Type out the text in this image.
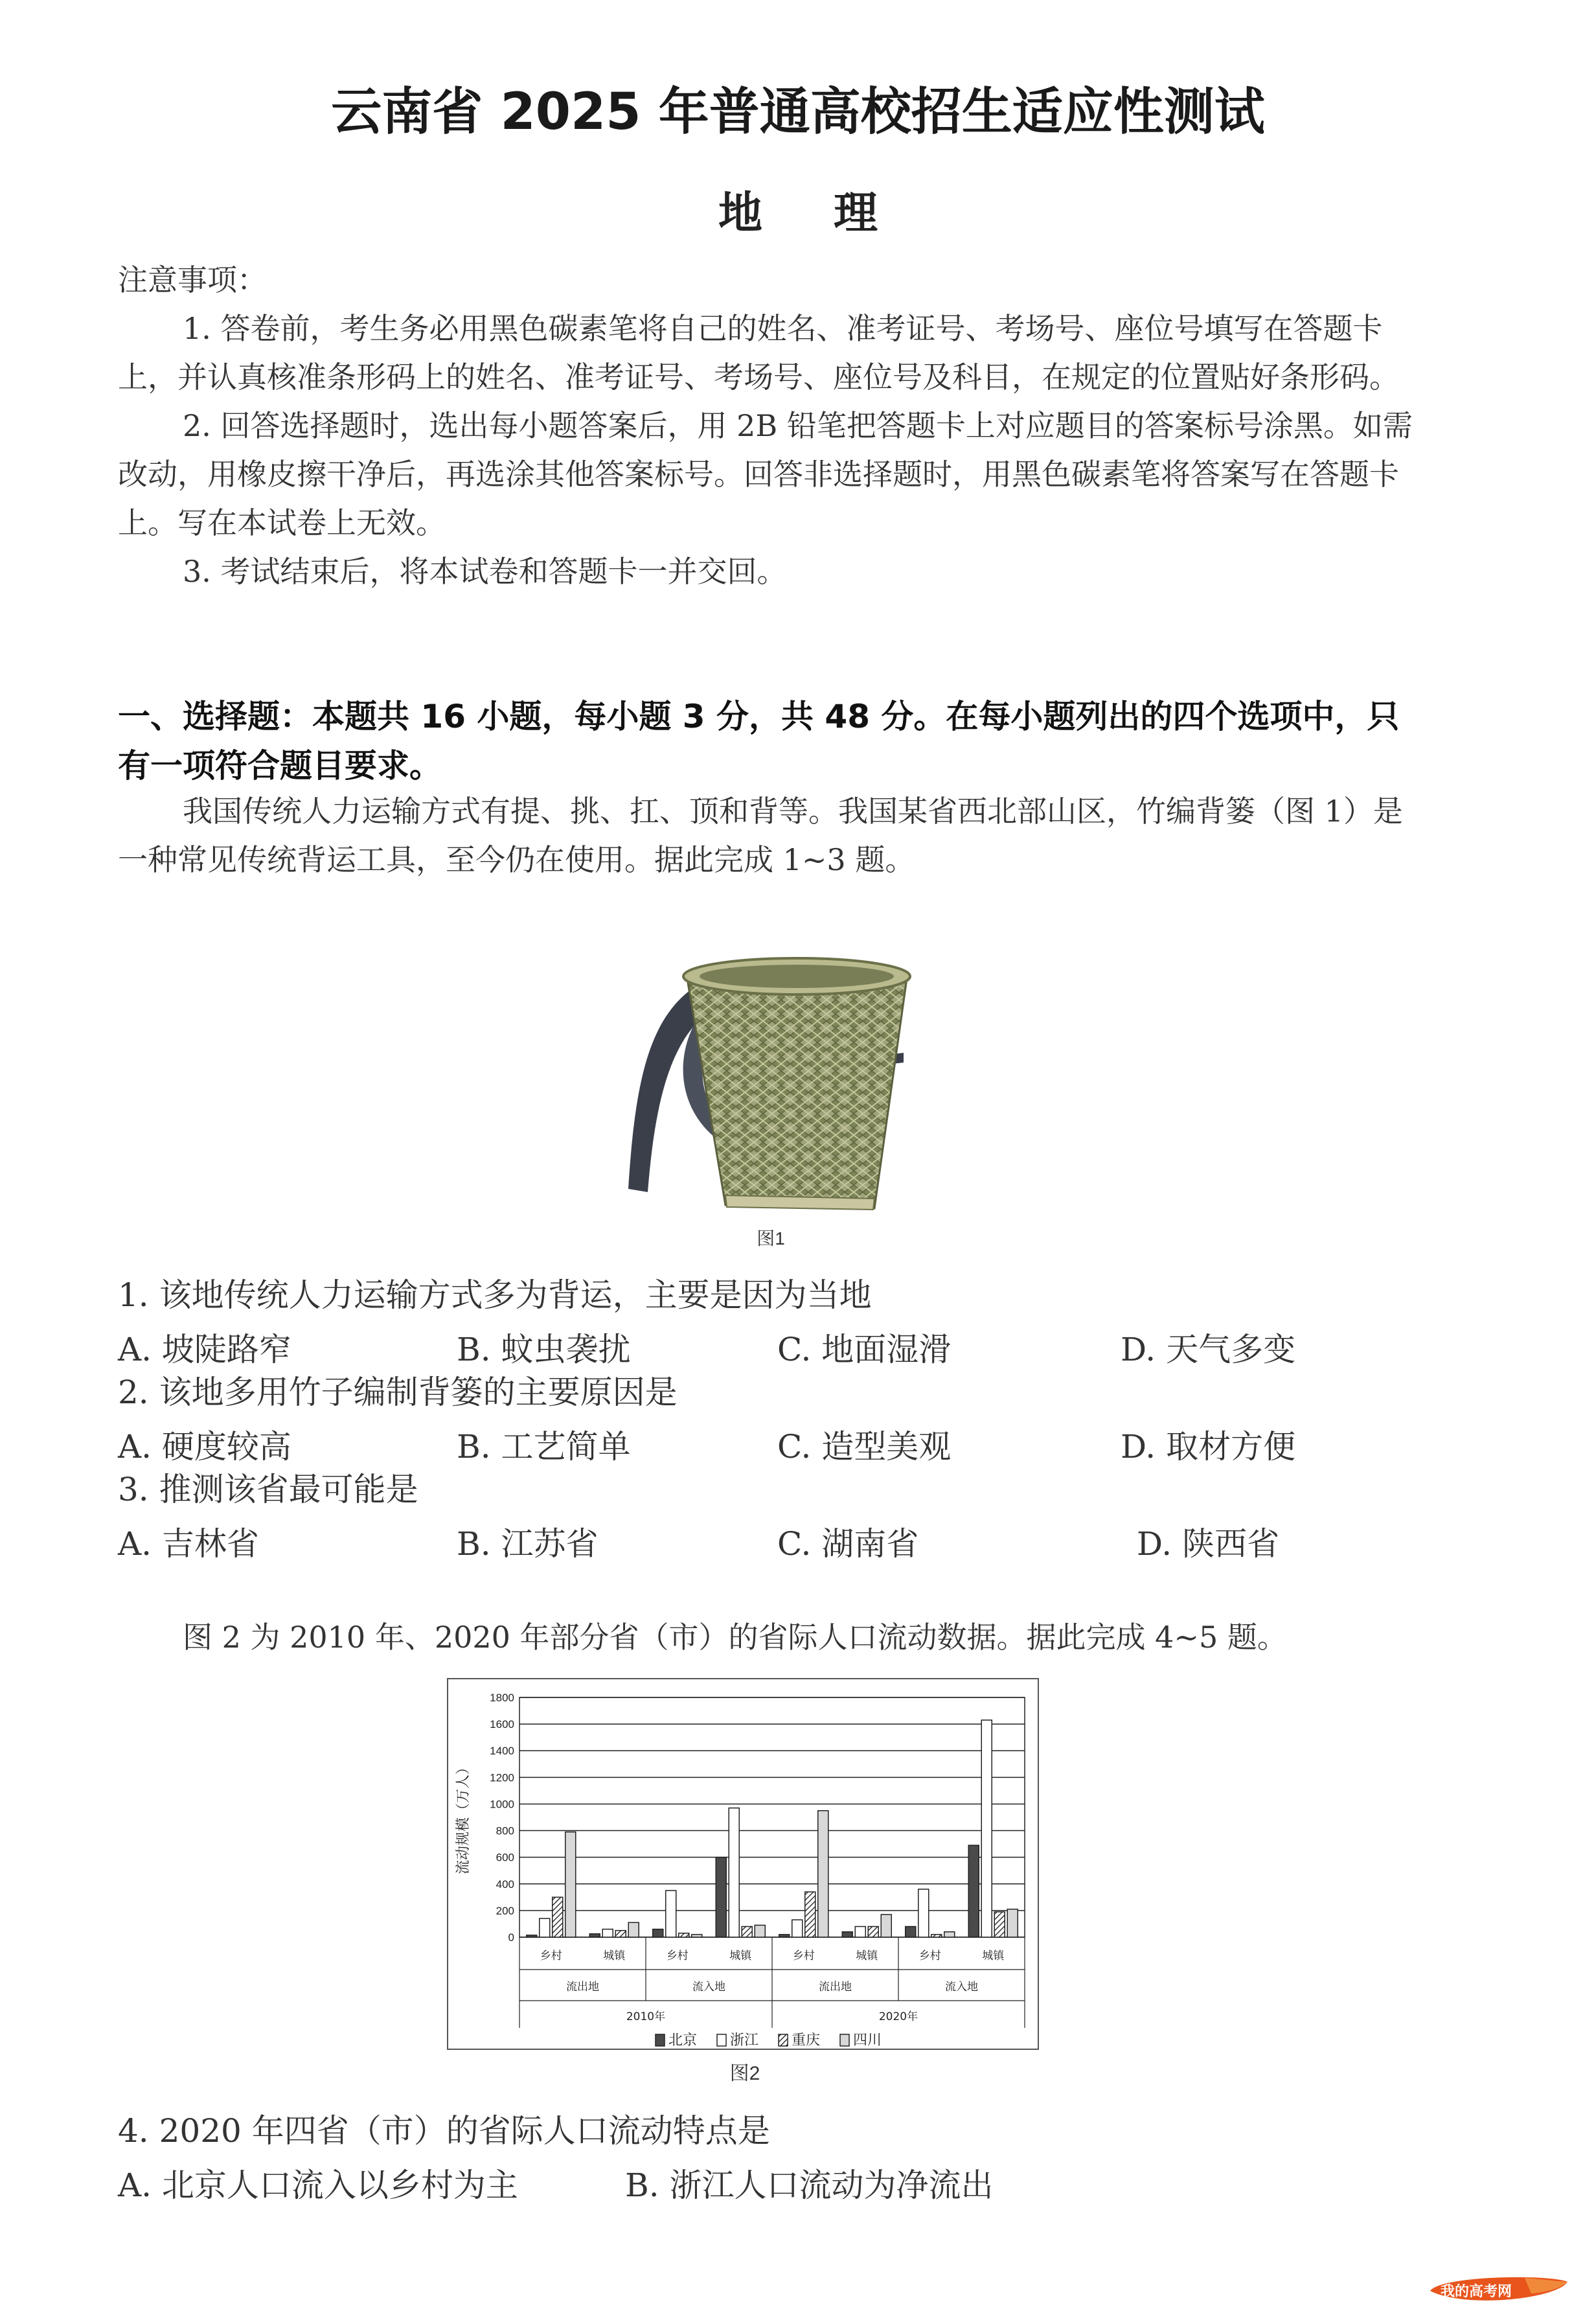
云南省 2025 年普通高校招生适应性测试
地理

注意事项：

1. 答卷前，考生务必用黑色碳素笔将自己的姓名、准考证号、考场号、座位号填写在答题卡上，并认真核准条形码上的姓名、准考证号、考场号、座位号及科目，在规定的位置贴好条形码。

2. 回答选择题时，选出每小题答案后，用 2B 铅笔把答题卡上对应题目的答案标号涂黑。如需改动，用橡皮擦干净后，再选涂其他答案标号。回答非选择题时，用黑色碳素笔将答案写在答题卡上。写在本试卷上无效。

3. 考试结束后，将本试卷和答题卡一并交回。

一、选择题：本题共 16 小题，每小题 3 分，共 48 分。在每小题列出的四个选项中，只有一项符合题目要求。

我国传统人力运输方式有提、挑、扛、顶和背等。我国某省西北部山区，竹编背篓（图 1）是一种常见传统背运工具，至今仍在使用。据此完成 1~3 题。

图1
1. 该地传统人力运输方式多为背运，主要是因为当地
A. 坡陡路窄	B. 蚊虫袭扰	C. 地面湿滑	D. 天气多变
2. 该地多用竹子编制背篓的主要原因是
A. 硬度较高	B. 工艺简单	C. 造型美观	D. 取材方便
3. 推测该省最可能是
A. 吉林省	B. 江苏省	C. 湖南省	D. 陕西省

图 2 为 2010 年、2020 年部分省（市）的省际人口流动数据。据此完成 4~5 题。

0
200
400
600
800
1000
1200
1400
1600
1800
流动规模（万人）
乡村	城镇	乡村	城镇	乡村	城镇	乡村	城镇
流出地	流入地	流出地	流入地
2010年	2020年
北京 浙江 重庆 四川
图2
4. 2020 年四省（市）的省际人口流动特点是
A. 北京人口流入以乡村为主	B. 浙江人口流动为净流出
我的高考网
